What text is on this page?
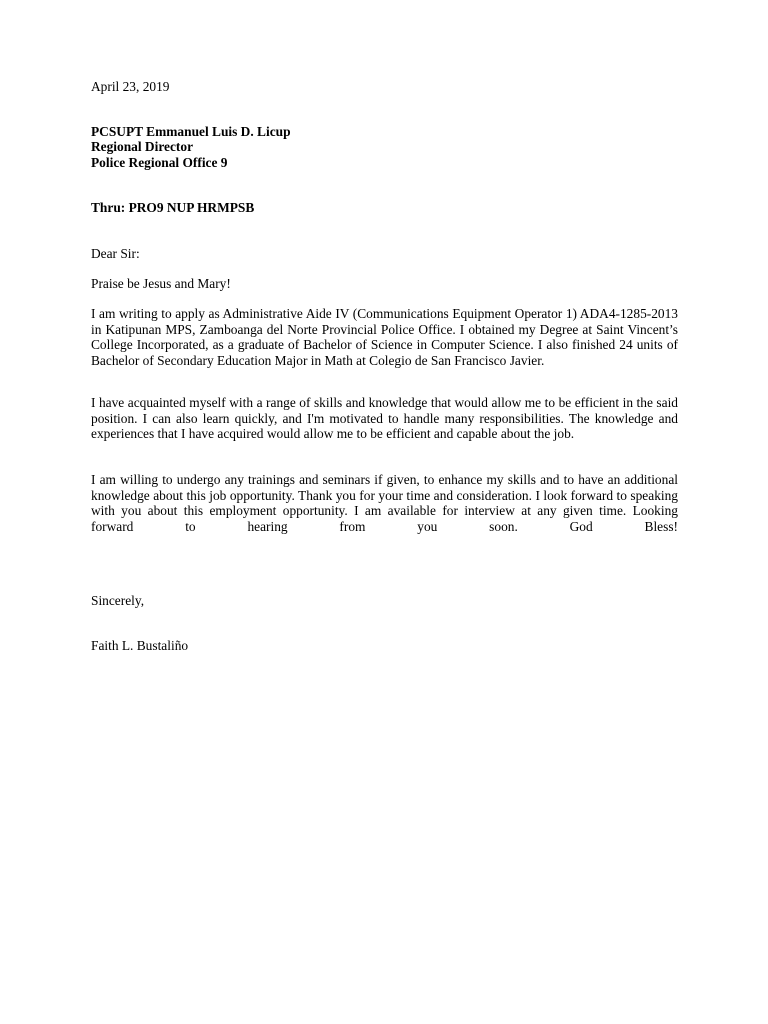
April 23, 2019
PCSUPT Emmanuel Luis D. Licup
Regional Director
Police Regional Office 9
Thru: PRO9 NUP HRMPSB
Dear Sir:
Praise be Jesus and Mary!

I am writing to apply as Administrative Aide IV (Communications Equipment Operator 1) ADA4-1285-2013 in Katipunan MPS, Zamboanga del Norte Provincial Police Office. I obtained my Degree at Saint Vincent’s College Incorporated, as a graduate of Bachelor of Science in Computer Science. I also finished 24 units of Bachelor of Secondary Education Major in Math at Colegio de San Francisco Javier.

I have acquainted myself with a range of skills and knowledge that would allow me to be efficient in the said position. I can also learn quickly, and I'm motivated to handle many responsibilities. The knowledge and experiences that I have acquired would allow me to be efficient and capable about the job.

I am willing to undergo any trainings and seminars if given, to enhance my skills and to have an additional knowledge about this job opportunity. Thank you for your time and consideration. I look forward to speaking with you about this employment opportunity. I am available for interview at any given time. Looking forward to hearing from you soon. God Bless!

Sincerely,
Faith L. Bustaliño
